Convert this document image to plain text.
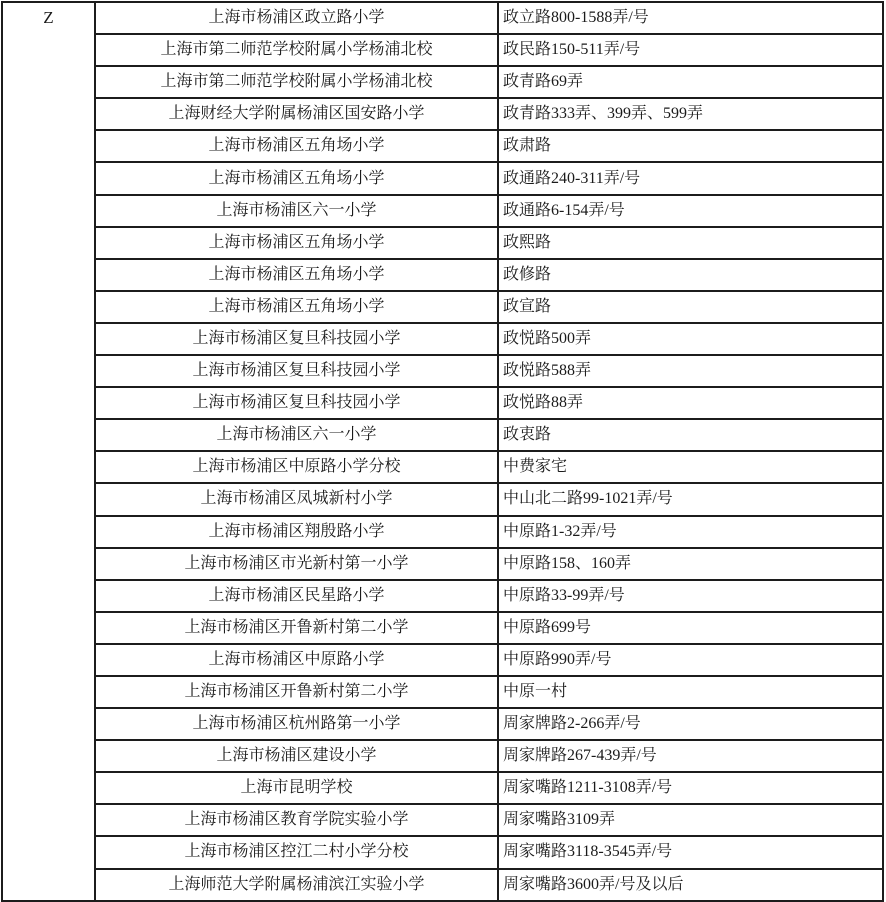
Z	上海市杨浦区政立路小学	政立路800-1588弄/号
	上海市第二师范学校附属小学杨浦北校	政民路150-511弄/号
	上海市第二师范学校附属小学杨浦北校	政青路69弄
	上海财经大学附属杨浦区国安路小学	政青路333弄、399弄、599弄
	上海市杨浦区五角场小学	政肃路
	上海市杨浦区五角场小学	政通路240-311弄/号
	上海市杨浦区六一小学	政通路6-154弄/号
	上海市杨浦区五角场小学	政熙路
	上海市杨浦区五角场小学	政修路
	上海市杨浦区五角场小学	政宣路
	上海市杨浦区复旦科技园小学	政悦路500弄
	上海市杨浦区复旦科技园小学	政悦路588弄
	上海市杨浦区复旦科技园小学	政悦路88弄
	上海市杨浦区六一小学	政衷路
	上海市杨浦区中原路小学分校	中费家宅
	上海市杨浦区凤城新村小学	中山北二路99-1021弄/号
	上海市杨浦区翔殷路小学	中原路1-32弄/号
	上海市杨浦区市光新村第一小学	中原路158、160弄
	上海市杨浦区民星路小学	中原路33-99弄/号
	上海市杨浦区开鲁新村第二小学	中原路699号
	上海市杨浦区中原路小学	中原路990弄/号
	上海市杨浦区开鲁新村第二小学	中原一村
	上海市杨浦区杭州路第一小学	周家牌路2-266弄/号
	上海市杨浦区建设小学	周家牌路267-439弄/号
	上海市昆明学校	周家嘴路1211-3108弄/号
	上海市杨浦区教育学院实验小学	周家嘴路3109弄
	上海市杨浦区控江二村小学分校	周家嘴路3118-3545弄/号
	上海师范大学附属杨浦滨江实验小学	周家嘴路3600弄/号及以后
